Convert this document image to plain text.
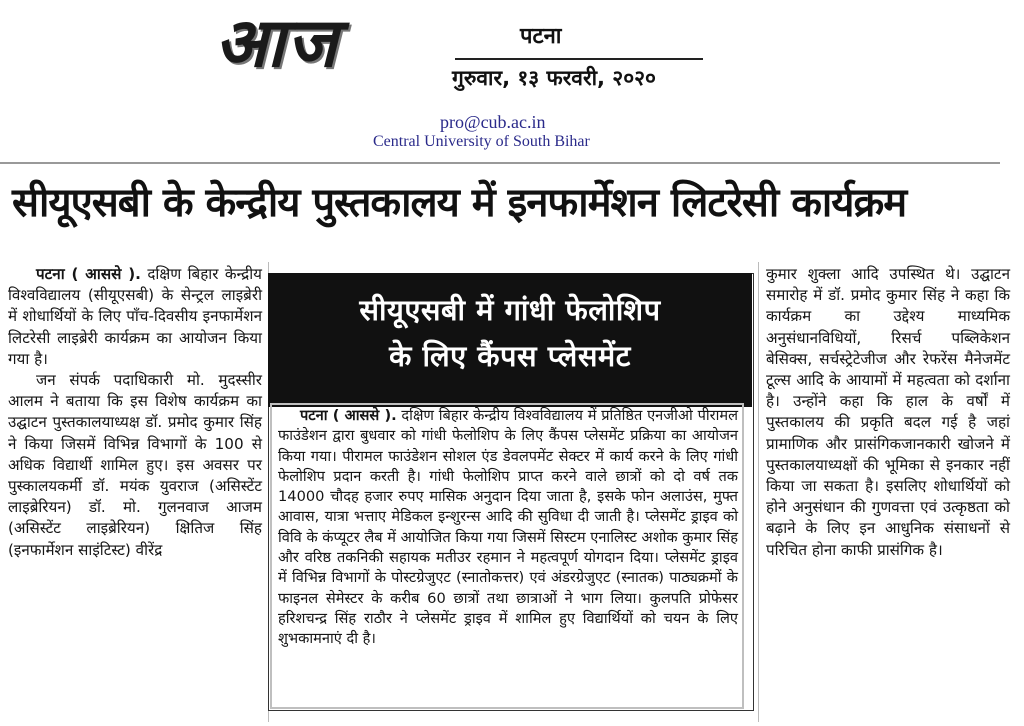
आज	पटना
गुरुवार, १३ फरवरी, २०२०
pro@cub.ac.in
Central University of South Bihar
सीयूएसबी के केन्द्रीय पुस्तकालय में इनफार्मेशन लिटरेसी कार्यक्रम

पटना ( आससे ). दक्षिण बिहार केन्द्रीय विश्वविद्यालय (सीयूएसबी) के सेन्ट्रल लाइब्रेरी में शोधार्थियों के लिए पाँच-दिवसीय इनफार्मेशन लिटरेसी लाइब्रेरी कार्यक्रम का आयोजन किया गया है।

जन संपर्क पदाधिकारी मो. मुदस्सीर आलम ने बताया कि इस विशेष कार्यक्रम का उद्घाटन पुस्तकालयाध्यक्ष डॉ. प्रमोद कुमार सिंह ने किया जिसमें विभिन्न विभागों के 100 से अधिक विद्यार्थी शामिल हुए। इस अवसर पर पुस्कालयकर्मी डॉ. मयंक युवराज (असिस्टेंट लाइब्रेरियन) डॉ. मो. गुलनवाज आजम (असिस्टेंट लाइब्रेरियन) क्षितिज सिंह (इनफार्मेशन साइंटिस्ट) वीरेंद्र

सीयूएसबी में गांधी फेलोशिप
के लिए कैंपस प्लेसमेंट

पटना ( आससे ). दक्षिण बिहार केन्द्रीय विश्वविद्यालय में प्रतिष्ठित एनजीओ पीरामल फाउंडेशन द्वारा बुधवार को गांधी फेलोशिप के लिए कैंपस प्लेसमेंट प्रक्रिया का आयोजन किया गया। पीरामल फाउंडेशन सोशल एंड डेवलपमेंट सेक्टर में कार्य करने के लिए गांधी फेलोशिप प्रदान करती है। गांधी फेलोशिप प्राप्त करने वाले छात्रों को दो वर्ष तक 14000 चौदह हजार रुपए मासिक अनुदान दिया जाता है, इसके फोन अलाउंस, मुफ्त आवास, यात्रा भत्ताए मेडिकल इन्शुरन्स आदि की सुविधा दी जाती है। प्लेसमेंट ड्राइव को विवि के कंप्यूटर लैब में आयोजित किया गया जिसमें सिस्टम एनालिस्ट अशोक कुमार सिंह और वरिष्ठ तकनिकी सहायक मतीउर रहमान ने महत्वपूर्ण योगदान दिया। प्लेसमेंट ड्राइव में विभिन्न विभागों के पोस्टग्रेजुएट (स्नातोकत्तर) एवं अंडरग्रेजुएट (स्नातक) पाठ्यक्रमों के फाइनल सेमेस्टर के करीब 60 छात्रों तथा छात्राओं ने भाग लिया। कुलपति प्रोफेसर हरिशचन्द्र सिंह राठौर ने प्लेसमेंट ड्राइव में शामिल हुए विद्यार्थियों को चयन के लिए शुभकामनाएं दी है।

कुमार शुक्ला आदि उपस्थित थे। उद्घाटन समारोह में डॉ. प्रमोद कुमार सिंह ने कहा कि कार्यक्रम का उद्देश्य माध्यमिक अनुसंधानविधियों, रिसर्च पब्लिकेशन बेसिक्स, सर्चस्ट्रेटेजीज और रेफरेंस मैनेजमेंट टूल्स आदि के आयामों में महत्वता को दर्शाना है। उन्होंने कहा कि हाल के वर्षों में पुस्तकालय की प्रकृति बदल गई है जहां प्रामाणिक और प्रासंगिकजानकारी खोजने में पुस्तकालयाध्यक्षों की भूमिका से इनकार नहीं किया जा सकता है। इसलिए शोधार्थियों को होने अनुसंधान की गुणवत्ता एवं उत्कृष्ठता को बढ़ाने के लिए इन आधुनिक संसाधनों से परिचित होना काफी प्रासंगिक है।
